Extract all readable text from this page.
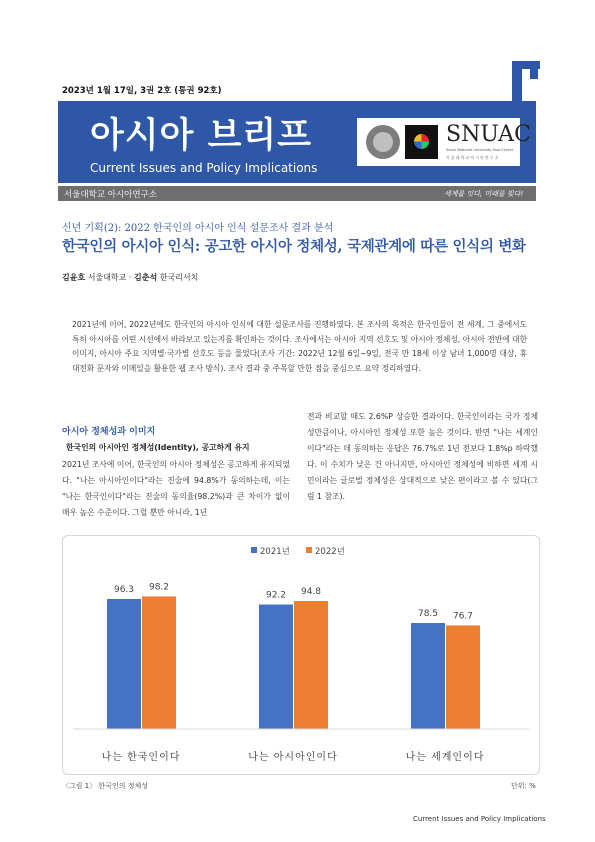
2023년 1월 17일, 3권 2호 (통권 92호)
아시아 브리프
Current Issues and Policy Implications
SNUAC
Seoul National University Asia Center
서 울 대 학 교 아 시 아 연 구 소
서울대학교 아시아연구소	세계를 잇다, 미래를 빚다!
신년 기획(2): 2022 한국인의 아시아 인식 설문조사 결과 분석
한국인의 아시아 인식: 공고한 아시아 정체성, 국제관계에 따른 인식의 변화
김윤호 서울대학교 · 김춘석 한국리서치
2021년에 이어, 2022년에도 한국인의 아시아 인식에 대한 설문조사를 진행하였다. 본 조사의 목적은 한국인들이 전 세계, 그 중에서도 특히 아시아를 어떤 시선에서 바라보고 있는지를 확인하는 것이다. 조사에서는 아시아 지역 선호도 및 아시아 정체성, 아시아 전반에 대한 이미지, 아시아 주요 지역별·국가별 선호도 등을 물었다(조사 기간: 2022년 12월 6일~9일, 전국 만 18세 이상 남녀 1,000명 대상, 휴대전화 문자와 이메일을 활용한 웹 조사 방식). 조사 결과 중 주목할 만한 점을 중심으로 요약 정리하였다.
아시아 정체성과 이미지
한국인의 아시아인 정체성(Identity), 공고하게 유지
2021년 조사에 이어, 한국인의 아시아 정체성은 공고하게 유지되었다. "나는 아시아인이다"라는 진술에 94.8%가 동의하는데, 이는 "나는 한국인이다"라는 진술의 동의율(98.2%)과 큰 차이가 없이 매우 높은 수준이다. 그럴 뿐만 아니라, 1년
전과 비교할 때도 2.6%P 상승한 결과이다. 한국인이라는 국가 정체성만큼이나, 아시아인 정체성 또한 높은 것이다. 반면 "나는 세계인이다"라는 데 동의하는 응답은 76.7%로 1년 전보다 1.8%p 하락했다. 이 수치가 낮은 건 아니지만, 아시아인 정체성에 비하면 세계 시민이라는 글로벌 정체성은 상대적으로 낮은 편이라고 볼 수 있다(그림 1 참조).
2021년	2022년
96.3 98.2
나는 한국인이다
92.2 94.8
나는 아시아인이다
78.5 76.7
나는 세계인이다
〈그림 1〉 한국인의 정체성	단위: %
Current Issues and Policy Implications
